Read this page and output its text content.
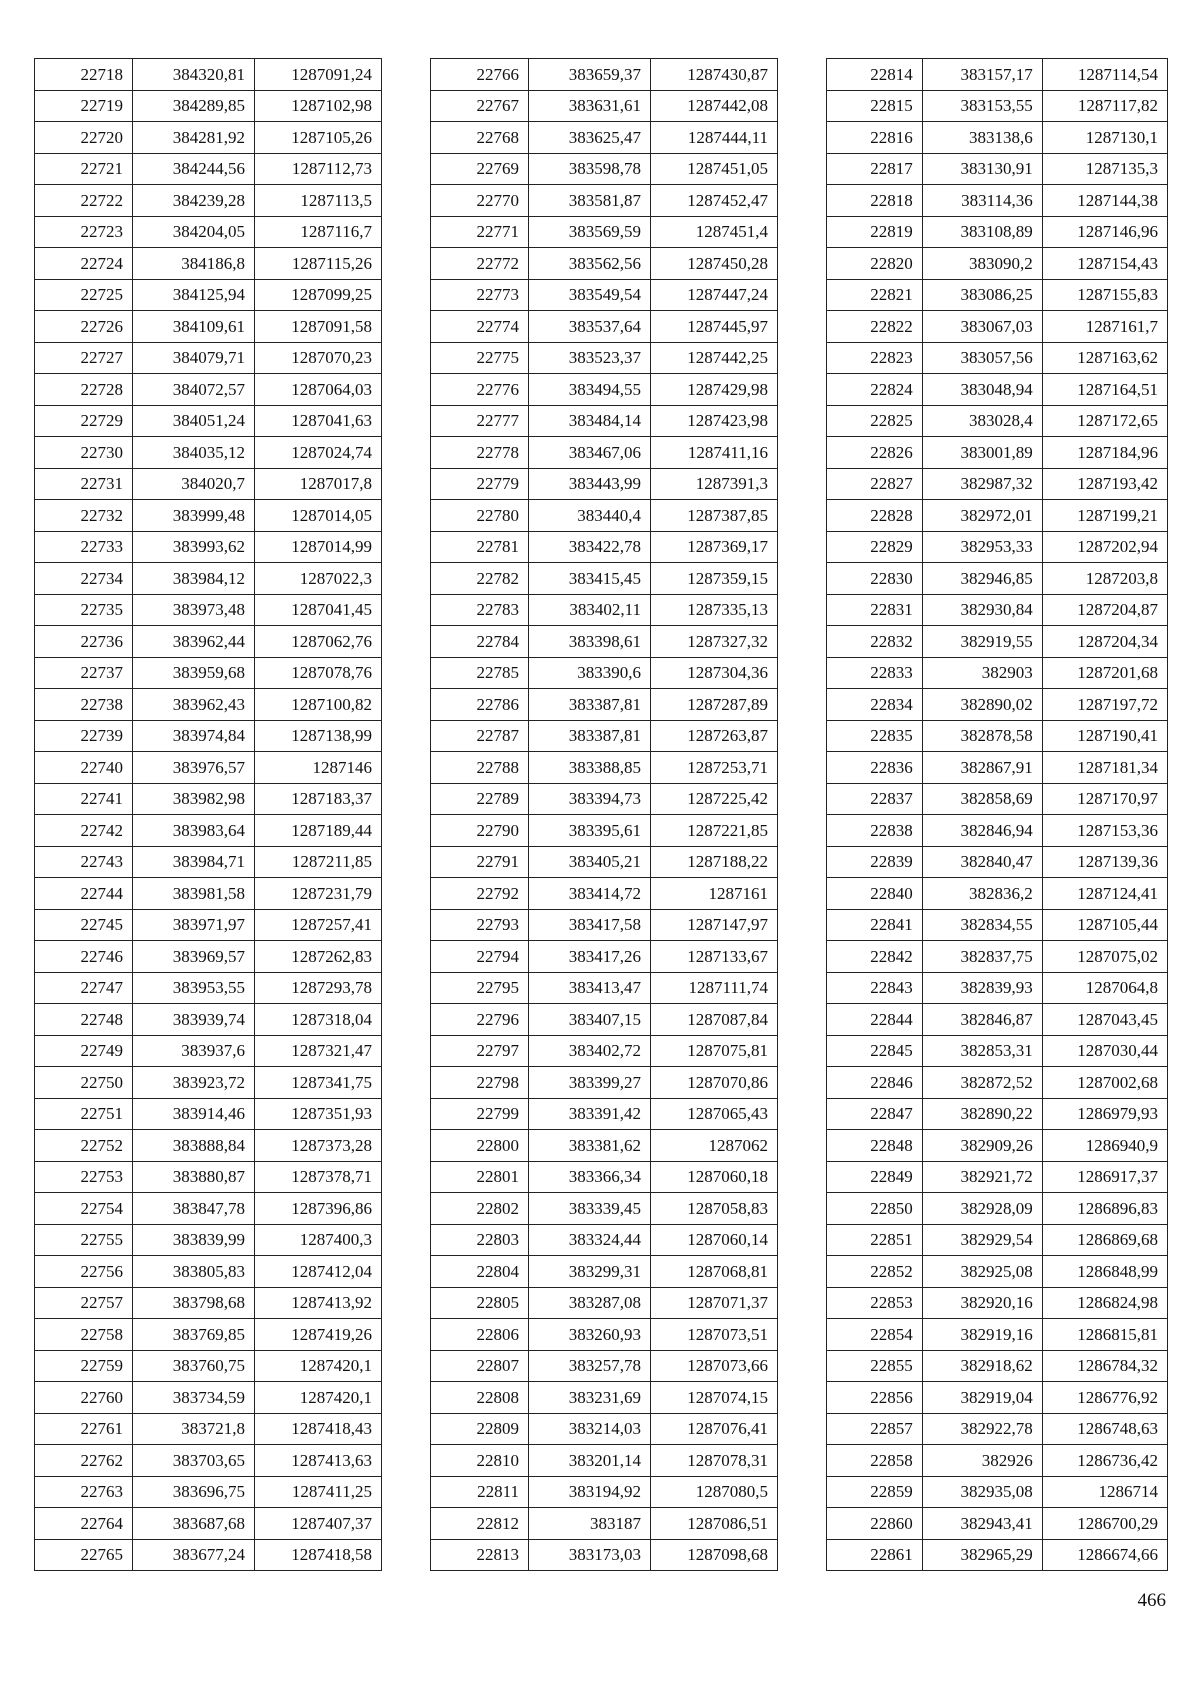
22718	384320,81	1287091,24
22719	384289,85	1287102,98
22720	384281,92	1287105,26
22721	384244,56	1287112,73
22722	384239,28	1287113,5
22723	384204,05	1287116,7
22724	384186,8	1287115,26
22725	384125,94	1287099,25
22726	384109,61	1287091,58
22727	384079,71	1287070,23
22728	384072,57	1287064,03
22729	384051,24	1287041,63
22730	384035,12	1287024,74
22731	384020,7	1287017,8
22732	383999,48	1287014,05
22733	383993,62	1287014,99
22734	383984,12	1287022,3
22735	383973,48	1287041,45
22736	383962,44	1287062,76
22737	383959,68	1287078,76
22738	383962,43	1287100,82
22739	383974,84	1287138,99
22740	383976,57	1287146
22741	383982,98	1287183,37
22742	383983,64	1287189,44
22743	383984,71	1287211,85
22744	383981,58	1287231,79
22745	383971,97	1287257,41
22746	383969,57	1287262,83
22747	383953,55	1287293,78
22748	383939,74	1287318,04
22749	383937,6	1287321,47
22750	383923,72	1287341,75
22751	383914,46	1287351,93
22752	383888,84	1287373,28
22753	383880,87	1287378,71
22754	383847,78	1287396,86
22755	383839,99	1287400,3
22756	383805,83	1287412,04
22757	383798,68	1287413,92
22758	383769,85	1287419,26
22759	383760,75	1287420,1
22760	383734,59	1287420,1
22761	383721,8	1287418,43
22762	383703,65	1287413,63
22763	383696,75	1287411,25
22764	383687,68	1287407,37
22765	383677,24	1287418,58
22766	383659,37	1287430,87
22767	383631,61	1287442,08
22768	383625,47	1287444,11
22769	383598,78	1287451,05
22770	383581,87	1287452,47
22771	383569,59	1287451,4
22772	383562,56	1287450,28
22773	383549,54	1287447,24
22774	383537,64	1287445,97
22775	383523,37	1287442,25
22776	383494,55	1287429,98
22777	383484,14	1287423,98
22778	383467,06	1287411,16
22779	383443,99	1287391,3
22780	383440,4	1287387,85
22781	383422,78	1287369,17
22782	383415,45	1287359,15
22783	383402,11	1287335,13
22784	383398,61	1287327,32
22785	383390,6	1287304,36
22786	383387,81	1287287,89
22787	383387,81	1287263,87
22788	383388,85	1287253,71
22789	383394,73	1287225,42
22790	383395,61	1287221,85
22791	383405,21	1287188,22
22792	383414,72	1287161
22793	383417,58	1287147,97
22794	383417,26	1287133,67
22795	383413,47	1287111,74
22796	383407,15	1287087,84
22797	383402,72	1287075,81
22798	383399,27	1287070,86
22799	383391,42	1287065,43
22800	383381,62	1287062
22801	383366,34	1287060,18
22802	383339,45	1287058,83
22803	383324,44	1287060,14
22804	383299,31	1287068,81
22805	383287,08	1287071,37
22806	383260,93	1287073,51
22807	383257,78	1287073,66
22808	383231,69	1287074,15
22809	383214,03	1287076,41
22810	383201,14	1287078,31
22811	383194,92	1287080,5
22812	383187	1287086,51
22813	383173,03	1287098,68
22814	383157,17	1287114,54
22815	383153,55	1287117,82
22816	383138,6	1287130,1
22817	383130,91	1287135,3
22818	383114,36	1287144,38
22819	383108,89	1287146,96
22820	383090,2	1287154,43
22821	383086,25	1287155,83
22822	383067,03	1287161,7
22823	383057,56	1287163,62
22824	383048,94	1287164,51
22825	383028,4	1287172,65
22826	383001,89	1287184,96
22827	382987,32	1287193,42
22828	382972,01	1287199,21
22829	382953,33	1287202,94
22830	382946,85	1287203,8
22831	382930,84	1287204,87
22832	382919,55	1287204,34
22833	382903	1287201,68
22834	382890,02	1287197,72
22835	382878,58	1287190,41
22836	382867,91	1287181,34
22837	382858,69	1287170,97
22838	382846,94	1287153,36
22839	382840,47	1287139,36
22840	382836,2	1287124,41
22841	382834,55	1287105,44
22842	382837,75	1287075,02
22843	382839,93	1287064,8
22844	382846,87	1287043,45
22845	382853,31	1287030,44
22846	382872,52	1287002,68
22847	382890,22	1286979,93
22848	382909,26	1286940,9
22849	382921,72	1286917,37
22850	382928,09	1286896,83
22851	382929,54	1286869,68
22852	382925,08	1286848,99
22853	382920,16	1286824,98
22854	382919,16	1286815,81
22855	382918,62	1286784,32
22856	382919,04	1286776,92
22857	382922,78	1286748,63
22858	382926	1286736,42
22859	382935,08	1286714
22860	382943,41	1286700,29
22861	382965,29	1286674,66
466
